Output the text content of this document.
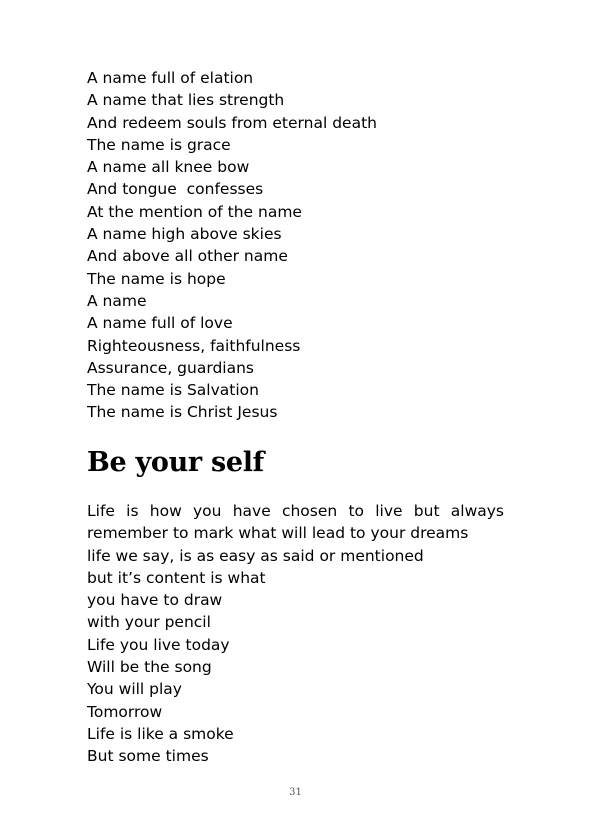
A name full of elation
A name that lies strength
And redeem souls from eternal death
The name is grace
A name all knee bow
And tongue  confesses
At the mention of the name
A name high above skies
And above all other name
The name is hope
A name
A name full of love
Righteousness, faithfulness
Assurance, guardians
The name is Salvation
The name is Christ Jesus
Be your self
Life is how you have chosen to live but always
remember to mark what will lead to your dreams
life we say, is as easy as said or mentioned
but it’s content is what
you have to draw
with your pencil
Life you live today
Will be the song
You will play
Tomorrow
Life is like a smoke
But some times
31
